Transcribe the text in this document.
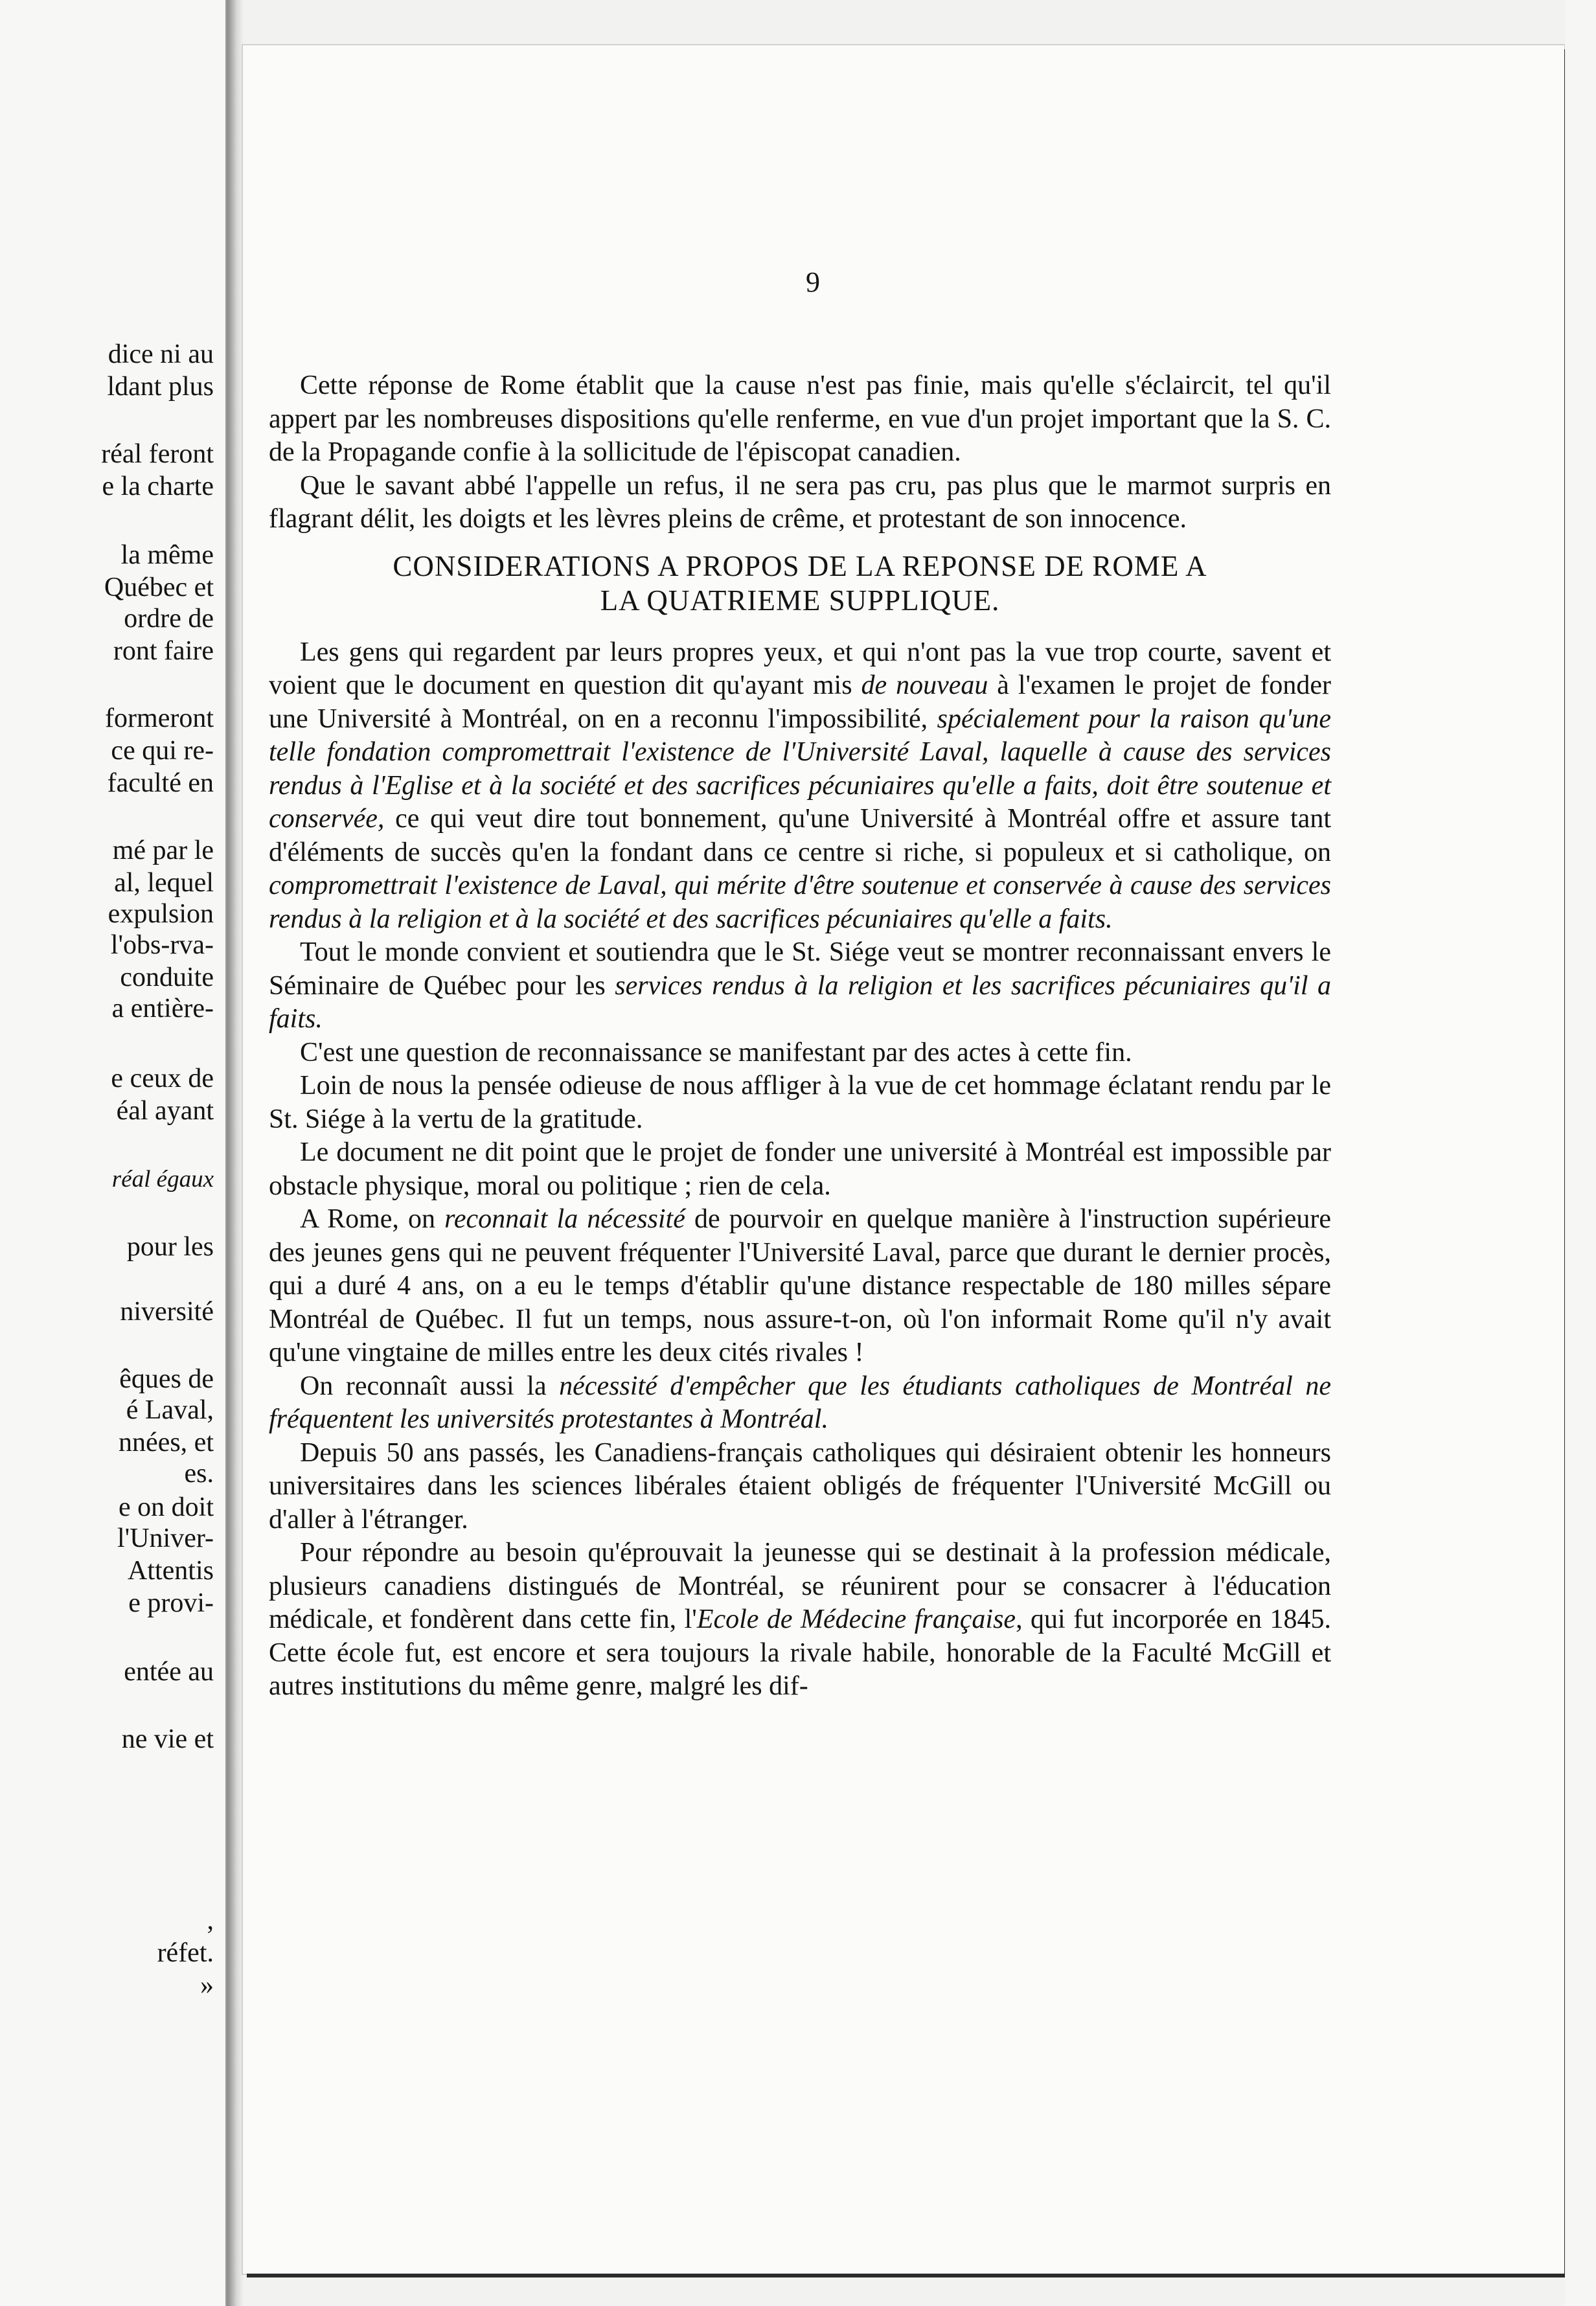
dice ni au
ldant plus
réal feront
e la charte
la même
Québec et
ordre de
ront faire
formeront
ce qui re-
faculté en
mé par le
al, lequel
expulsion
l'obs-rva-
conduite
a entière-
e ceux de
éal ayant
réal égaux
pour les
niversité
êques de
é Laval,
nnées, et
es.
e on doit
l'Univer-
Attentis
e provi-
entée au
ne vie et
,
réfet.
»
9

Cette réponse de Rome établit que la cause n'est pas finie, mais qu'elle s'éclaircit, tel qu'il appert par les nombreuses dispositions qu'elle renferme, en vue d'un projet important que la S. C. de la Propagande confie à la sollicitude de l'épiscopat canadien.

Que le savant abbé l'appelle un refus, il ne sera pas cru, pas plus que le marmot surpris en flagrant délit, les doigts et les lèvres pleins de crême, et protestant de son innocence.

CONSIDERATIONS A PROPOS DE LA REPONSE DE ROME A
LA QUATRIEME SUPPLIQUE.

Les gens qui regardent par leurs propres yeux, et qui n'ont pas la vue trop courte, savent et voient que le document en question dit qu'ayant mis de nouveau à l'examen le projet de fonder une Université à Montréal, on en a reconnu l'impossibilité, spécialement pour la raison qu'une telle fondation compromettrait l'existence de l'Université Laval, laquelle à cause des services rendus à l'Eglise et à la société et des sacrifices pécuniaires qu'elle a faits, doit être soutenue et conservée, ce qui veut dire tout bonnement, qu'une Université à Montréal offre et assure tant d'éléments de succès qu'en la fondant dans ce centre si riche, si populeux et si catholique, on compromettrait l'existence de Laval, qui mérite d'être soutenue et conservée à cause des services rendus à la religion et à la société et des sacrifices pécuniaires qu'elle a faits.

Tout le monde convient et soutiendra que le St. Siége veut se montrer reconnaissant envers le Séminaire de Québec pour les services rendus à la religion et les sacrifices pécuniaires qu'il a faits.

C'est une question de reconnaissance se manifestant par des actes à cette fin.

Loin de nous la pensée odieuse de nous affliger à la vue de cet hommage éclatant rendu par le St. Siége à la vertu de la gratitude.

Le document ne dit point que le projet de fonder une université à Montréal est impossible par obstacle physique, moral ou politique ; rien de cela.

A Rome, on reconnait la nécessité de pourvoir en quelque manière à l'instruction supérieure des jeunes gens qui ne peuvent fréquenter l'Université Laval, parce que durant le dernier procès, qui a duré 4 ans, on a eu le temps d'établir qu'une distance respectable de 180 milles sépare Montréal de Québec. Il fut un temps, nous assure-t-on, où l'on informait Rome qu'il n'y avait qu'une vingtaine de milles entre les deux cités rivales !

On reconnaît aussi la nécessité d'empêcher que les étudiants catholiques de Montréal ne fréquentent les universités protestantes à Montréal.

Depuis 50 ans passés, les Canadiens-français catholiques qui désiraient obtenir les honneurs universitaires dans les sciences libérales étaient obligés de fréquenter l'Université McGill ou d'aller à l'étranger.

Pour répondre au besoin qu'éprouvait la jeunesse qui se destinait à la profession médicale, plusieurs canadiens distingués de Montréal, se réunirent pour se consacrer à l'éducation médicale, et fondèrent dans cette fin, l'Ecole de Médecine française, qui fut incorporée en 1845. Cette école fut, est encore et sera toujours la rivale habile, honorable de la Faculté McGill et autres institutions du même genre, malgré les dif-
